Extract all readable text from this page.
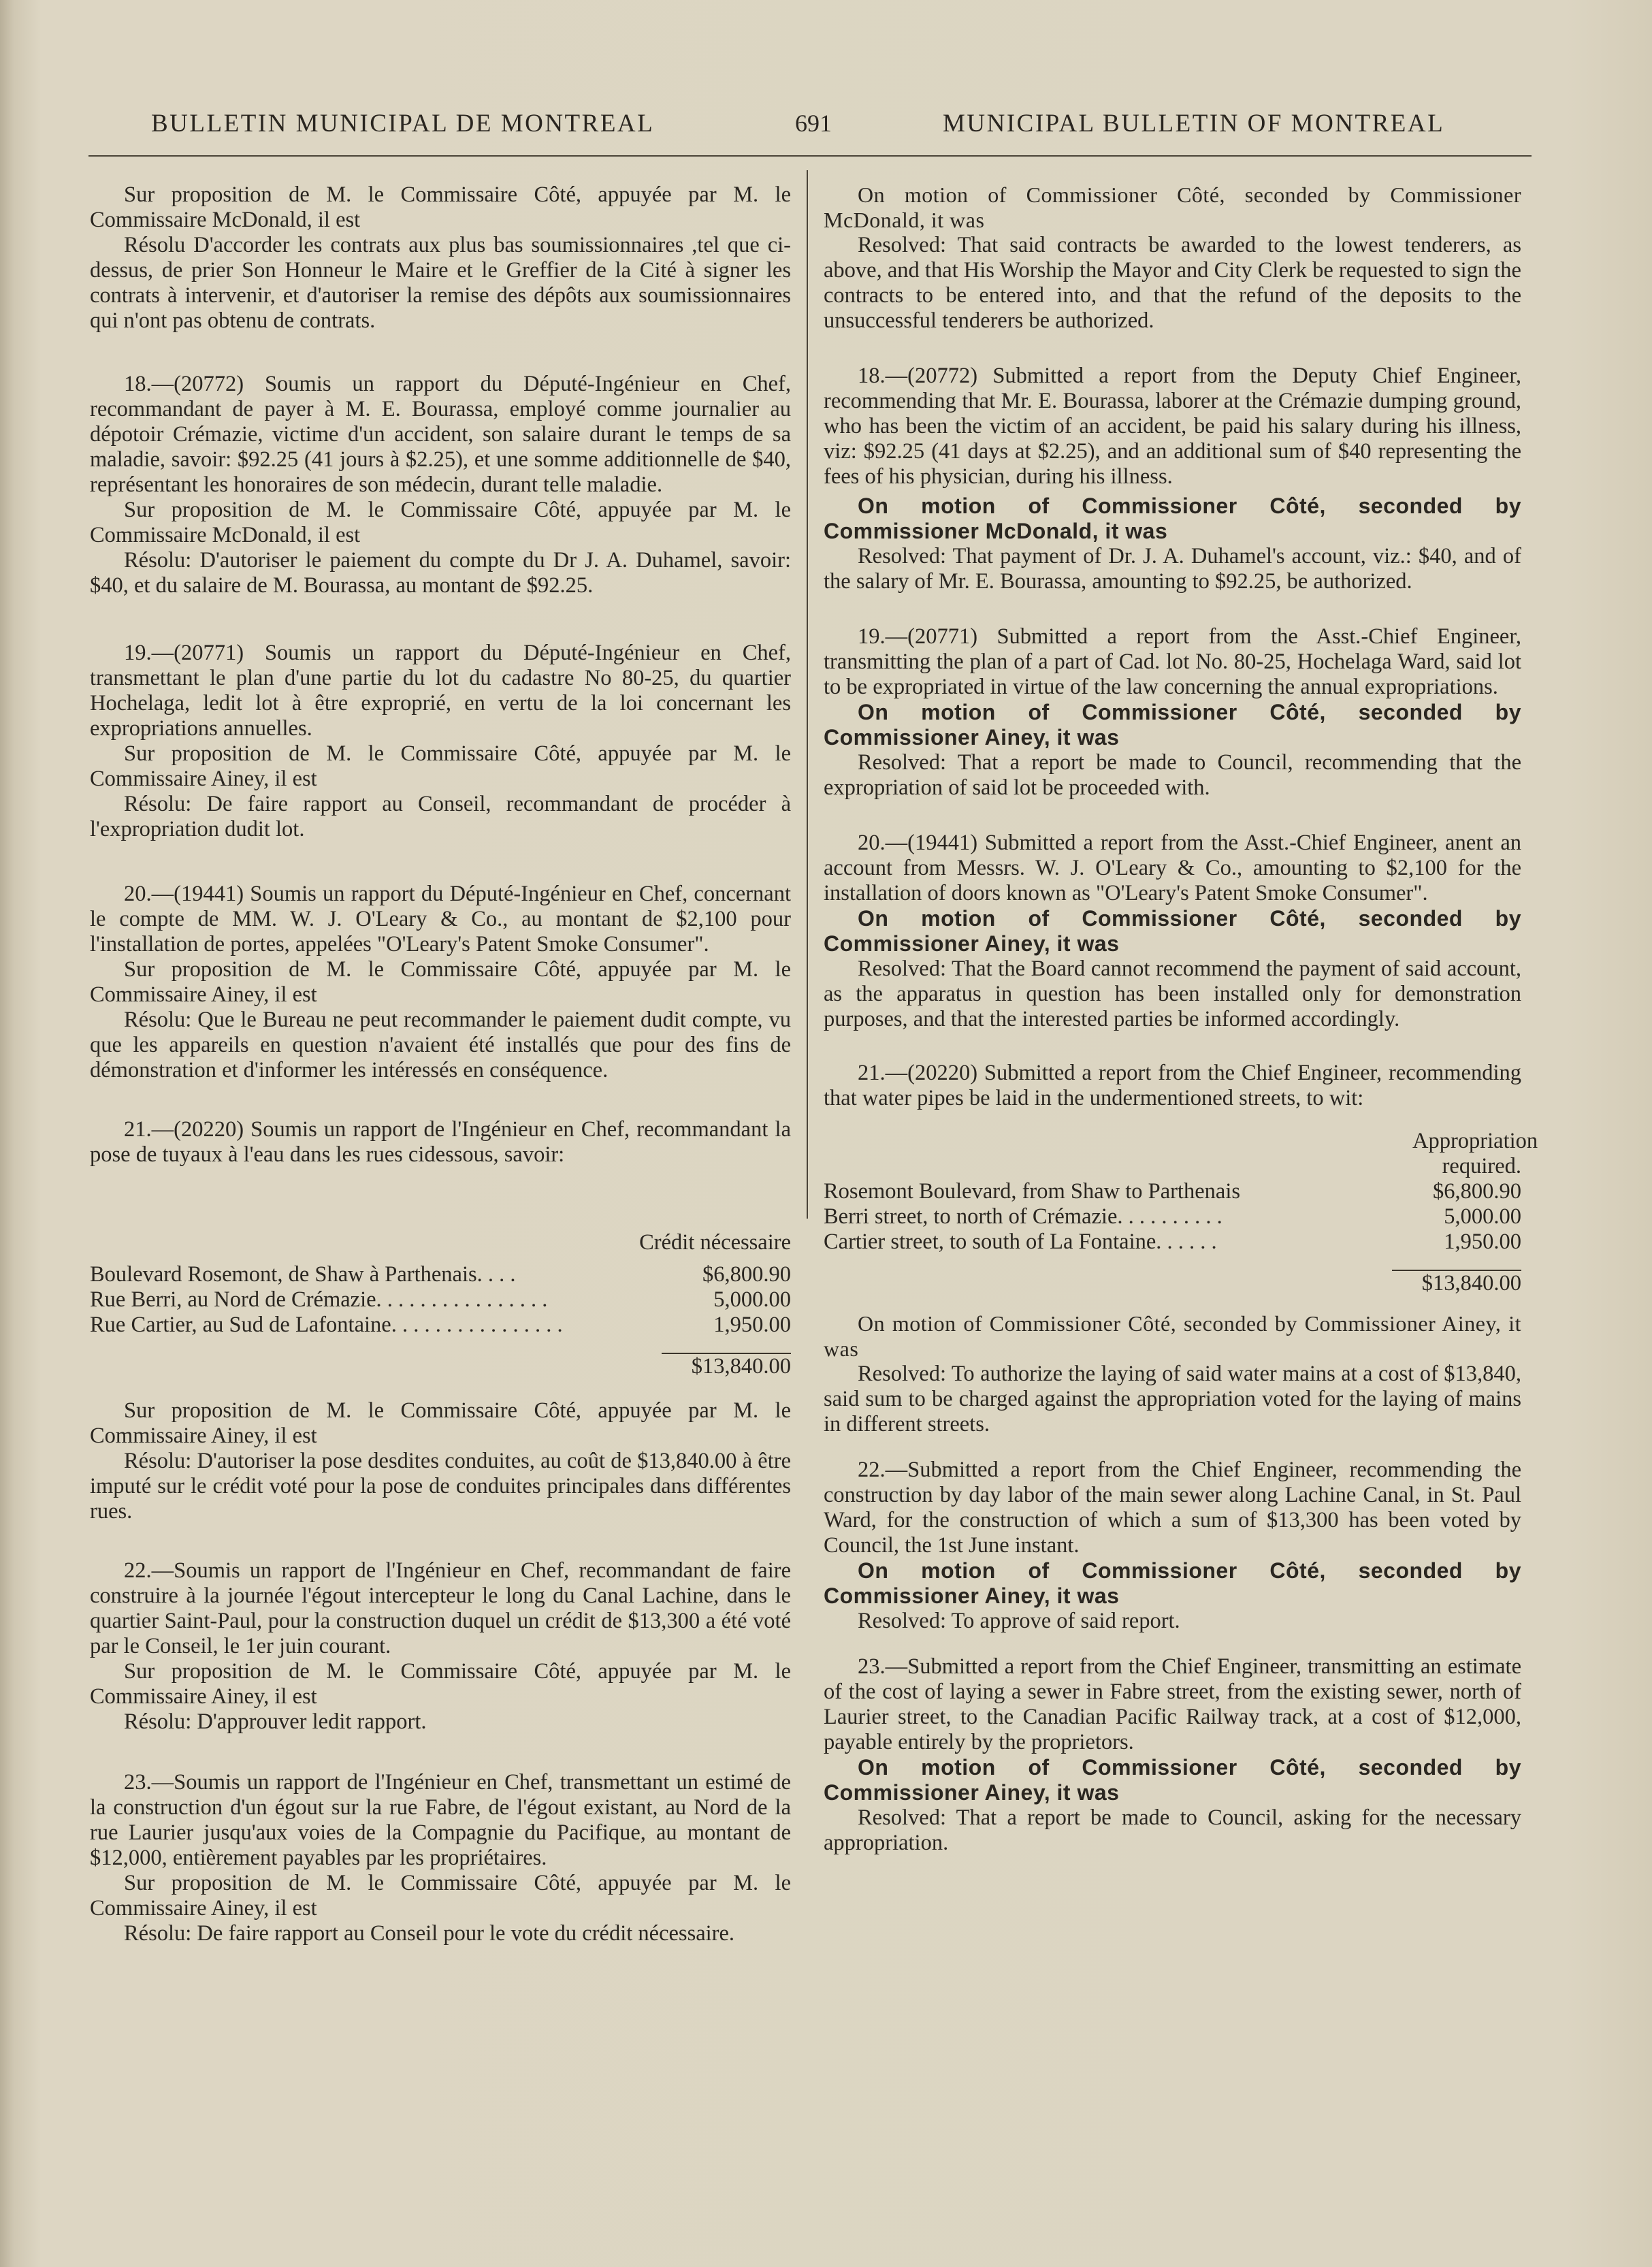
BULLETIN MUNICIPAL DE MONTREAL	691	MUNICIPAL BULLETIN OF MONTREAL

Sur proposition de M. le Commissaire Côté, appuyée par M. le Commissaire McDonald, il est

Résolu D'accorder les contrats aux plus bas soumissionnaires ,tel que ci-dessus, de prier Son Honneur le Maire et le Greffier de la Cité à signer les contrats à intervenir, et d'autoriser la remise des dépôts aux soumissionnaires qui n'ont pas obtenu de contrats.

18.—(20772) Soumis un rapport du Député-Ingénieur en Chef, recommandant de payer à M. E. Bourassa, employé comme journalier au dépotoir Crémazie, victime d'un accident, son salaire durant le temps de sa maladie, savoir: $92.25 (41 jours à $2.25), et une somme additionnelle de $40, représentant les honoraires de son médecin, durant telle maladie.

Sur proposition de M. le Commissaire Côté, appuyée par M. le Commissaire McDonald, il est

Résolu: D'autoriser le paiement du compte du Dr J. A. Duhamel, savoir: $40, et du salaire de M. Bourassa, au montant de $92.25.

19.—(20771) Soumis un rapport du Député-Ingénieur en Chef, transmettant le plan d'une partie du lot du cadastre No 80-25, du quartier Hochelaga, ledit lot à être exproprié, en vertu de la loi concernant les expropriations annuelles.

Sur proposition de M. le Commissaire Côté, appuyée par M. le Commissaire Ainey, il est

Résolu: De faire rapport au Conseil, recommandant de procéder à l'expropriation dudit lot.

20.—(19441) Soumis un rapport du Député-Ingénieur en Chef, concernant le compte de MM. W. J. O'Leary & Co., au montant de $2,100 pour l'installation de portes, appelées "O'Leary's Patent Smoke Consumer".

Sur proposition de M. le Commissaire Côté, appuyée par M. le Commissaire Ainey, il est

Résolu: Que le Bureau ne peut recommander le paiement dudit compte, vu que les appareils en question n'avaient été installés que pour des fins de démonstration et d'informer les intéressés en conséquence.

21.—(20220) Soumis un rapport de l'Ingénieur en Chef, recommandant la pose de tuyaux à l'eau dans les rues cidessous, savoir:

Crédit nécessaire
Boulevard Rosemont, de Shaw à Parthenais . . . .	$6,800.90
Rue Berri, au Nord de Crémazie . . . . . . . . . . . . . . . .	5,000.00
Rue Cartier, au Sud de Lafontaine . . . . . . . . . . . . . . . .	1,950.00
$13,840.00

Sur proposition de M. le Commissaire Côté, appuyée par M. le Commissaire Ainey, il est

Résolu: D'autoriser la pose desdites conduites, au coût de $13,840.00 à être imputé sur le crédit voté pour la pose de conduites principales dans différentes rues.

22.—Soumis un rapport de l'Ingénieur en Chef, recommandant de faire construire à la journée l'égout intercepteur le long du Canal Lachine, dans le quartier Saint-Paul, pour la construction duquel un crédit de $13,300 a été voté par le Conseil, le 1er juin courant.

Sur proposition de M. le Commissaire Côté, appuyée par M. le Commissaire Ainey, il est

Résolu: D'approuver ledit rapport.

23.—Soumis un rapport de l'Ingénieur en Chef, transmettant un estimé de la construction d'un égout sur la rue Fabre, de l'égout existant, au Nord de la rue Laurier jusqu'aux voies de la Compagnie du Pacifique, au montant de $12,000, entièrement payables par les propriétaires.

Sur proposition de M. le Commissaire Côté, appuyée par M. le Commissaire Ainey, il est

Résolu: De faire rapport au Conseil pour le vote du crédit nécessaire.

On motion of Commissioner Côté, seconded by Commissioner McDonald, it was

Resolved: That said contracts be awarded to the lowest tenderers, as above, and that His Worship the Mayor and City Clerk be requested to sign the contracts to be entered into, and that the refund of the deposits to the unsuccessful tenderers be authorized.

18.—(20772) Submitted a report from the Deputy Chief Engineer, recommending that Mr. E. Bourassa, laborer at the Crémazie dumping ground, who has been the victim of an accident, be paid his salary during his illness, viz: $92.25 (41 days at $2.25), and an additional sum of $40 representing the fees of his physician, during his illness.

On motion of Commissioner Côté, seconded by Commissioner McDonald, it was

Resolved: That payment of Dr. J. A. Duhamel's account, viz.: $40, and of the salary of Mr. E. Bourassa, amounting to $92.25, be authorized.

19.—(20771) Submitted a report from the Asst.-Chief Engineer, transmitting the plan of a part of Cad. lot No. 80-25, Hochelaga Ward, said lot to be expropriated in virtue of the law concerning the annual expropriations.

On motion of Commissioner Côté, seconded by Commissioner Ainey, it was

Resolved: That a report be made to Council, recommending that the expropriation of said lot be proceeded with.

20.—(19441) Submitted a report from the Asst.-Chief Engineer, anent an account from Messrs. W. J. O'Leary & Co., amounting to $2,100 for the installation of doors known as "O'Leary's Patent Smoke Consumer".

On motion of Commissioner Côté, seconded by Commissioner Ainey, it was

Resolved: That the Board cannot recommend the payment of said account, as the apparatus in question has been installed only for demonstration purposes, and that the interested parties be informed accordingly.

21.—(20220) Submitted a report from the Chief Engineer, recommending that water pipes be laid in the undermentioned streets, to wit:

Appropriation required.
Rosemont Boulevard, from Shaw to Parthenais	$6,800.90
Berri street, to north of Crémazie . . . . . . . . . .	5,000.00
Cartier street, to south of La Fontaine . . . . . .	1,950.00
$13,840.00

On motion of Commissioner Côté, seconded by Commissioner Ainey, it was

Resolved: To authorize the laying of said water mains at a cost of $13,840, said sum to be charged against the appropriation voted for the laying of mains in different streets.

22.—Submitted a report from the Chief Engineer, recommending the construction by day labor of the main sewer along Lachine Canal, in St. Paul Ward, for the construction of which a sum of $13,300 has been voted by Council, the 1st June instant.

On motion of Commissioner Côté, seconded by Commissioner Ainey, it was

Resolved: To approve of said report.

23.—Submitted a report from the Chief Engineer, transmitting an estimate of the cost of laying a sewer in Fabre street, from the existing sewer, north of Laurier street, to the Canadian Pacific Railway track, at a cost of $12,000, payable entirely by the proprietors.

On motion of Commissioner Côté, seconded by Commissioner Ainey, it was

Resolved: That a report be made to Council, asking for the necessary appropriation.
